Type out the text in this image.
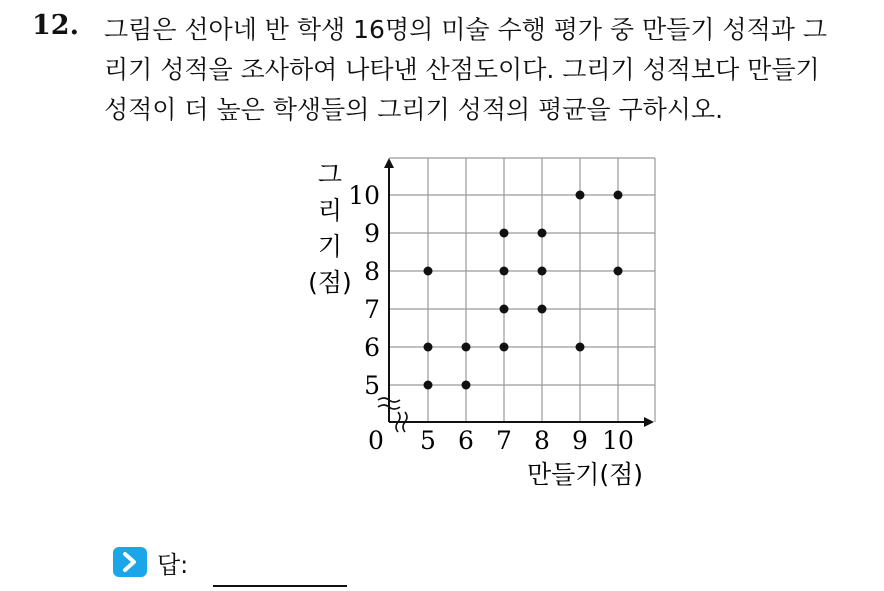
12. 그림은 선아네 반 학생 16명의 미술 수행 평가 중 만들기 성적과 그
리기 성적을 조사하여 나타낸 산점도이다. 그리기 성적보다 만들기
성적이 더 높은 학생들의 그리기 성적의 평균을 구하시오.
0
만들기(점)
그
리
기
(점)
5 6 7 8 9 10
5
6
7
8
9
10
답:
